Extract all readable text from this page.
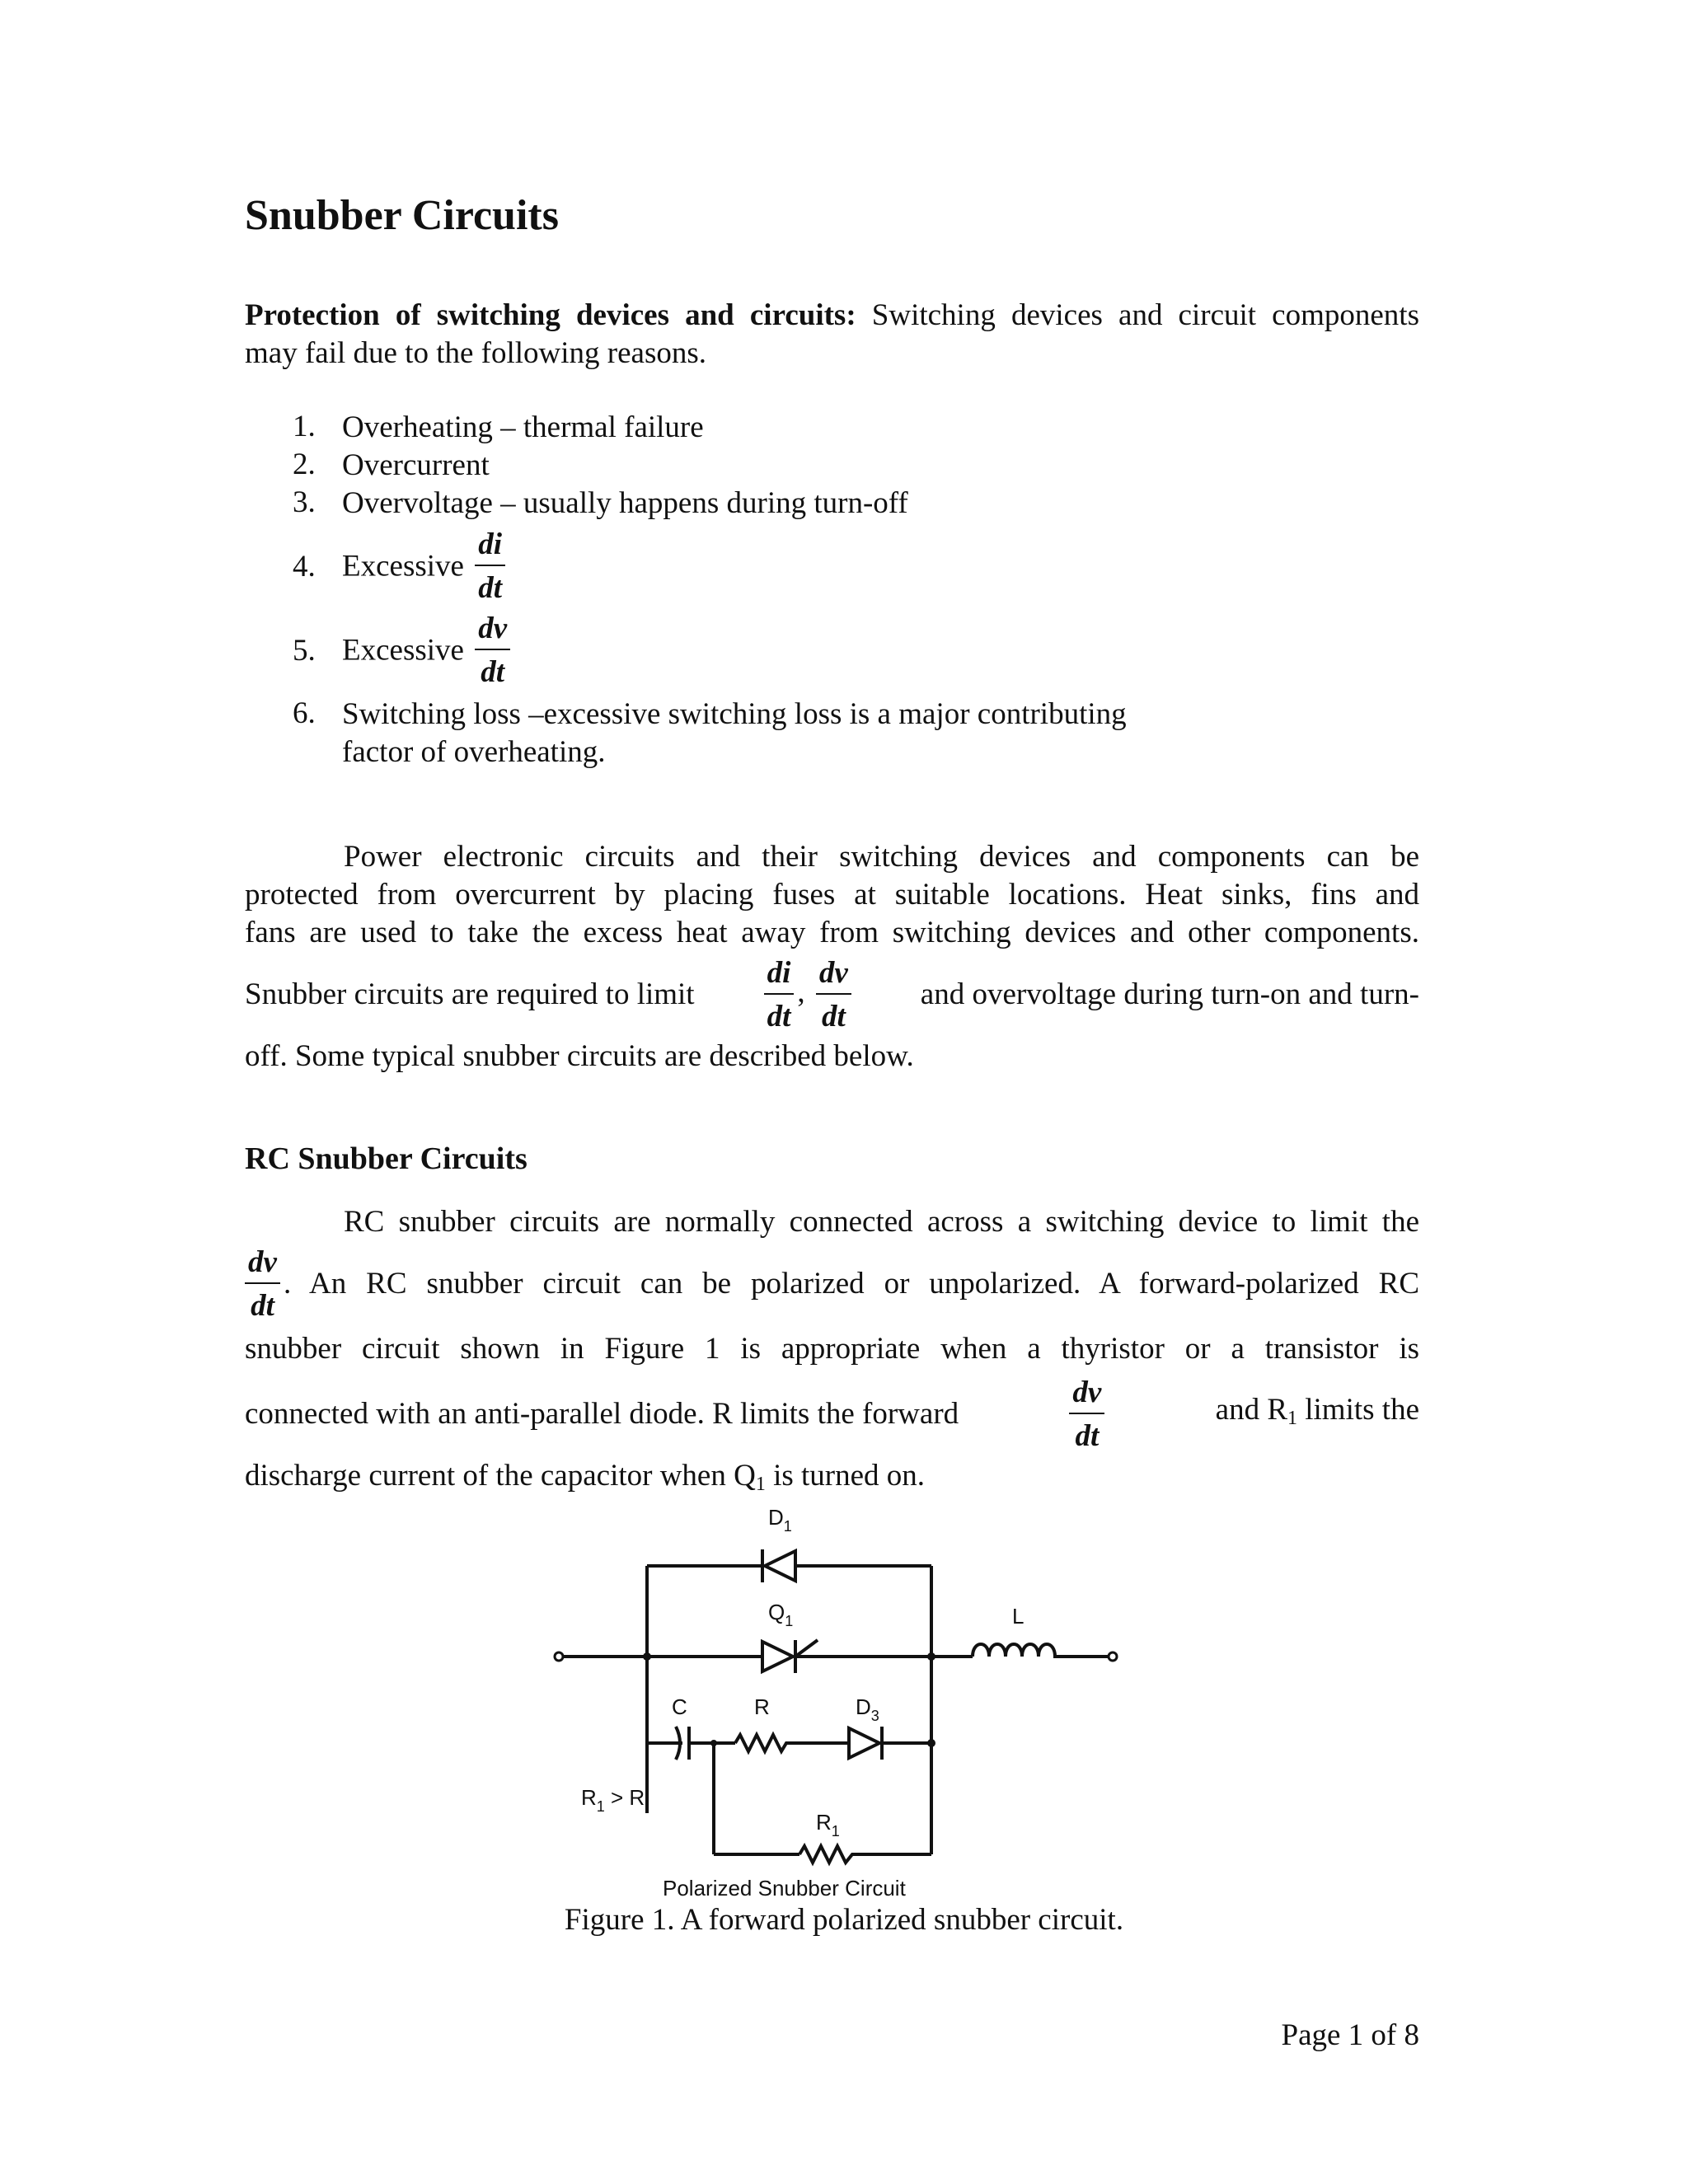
Snubber Circuits
Protection of switching devices and circuits: Switching devices and circuit components
may fail due to the following reasons.
1. Overheating – thermal failure
2. Overcurrent
3. Overvoltage – usually happens during turn-off
4. Excessive $\frac{di}{dt}$
5. Excessive $\frac{dv}{dt}$
6. Switching loss –excessive switching loss is a major contributing factor of overheating.
Power electronic circuits and their switching devices and components can be
protected from overcurrent by placing fuses at suitable locations. Heat sinks, fins and
fans are used to take the excess heat away from switching devices and other components.
Snubber circuits are required to limit $\frac{di}{dt}$ , $\frac{dv}{dt}$ and overvoltage during turn-on and turn-
off. Some typical snubber circuits are described below.
RC Snubber Circuits
RC snubber circuits are normally connected across a switching device to limit the
$\frac{dv}{dt}$ . An RC snubber circuit can be polarized or unpolarized. A forward-polarized RC
snubber circuit shown in Figure 1 is appropriate when a thyristor or a transistor is
connected with an anti-parallel diode. R limits the forward	$\frac{dv}{dt}$	and $R_1$ limits the
discharge current of the capacitor when $Q_1$ is turned on.
$D_1$
$Q_1$	L
C	R	$D_3$
$R_1 > R$
$R_1$
Polarized Snubber Circuit
Figure 1. A forward polarized snubber circuit.
Page 1 of 8
